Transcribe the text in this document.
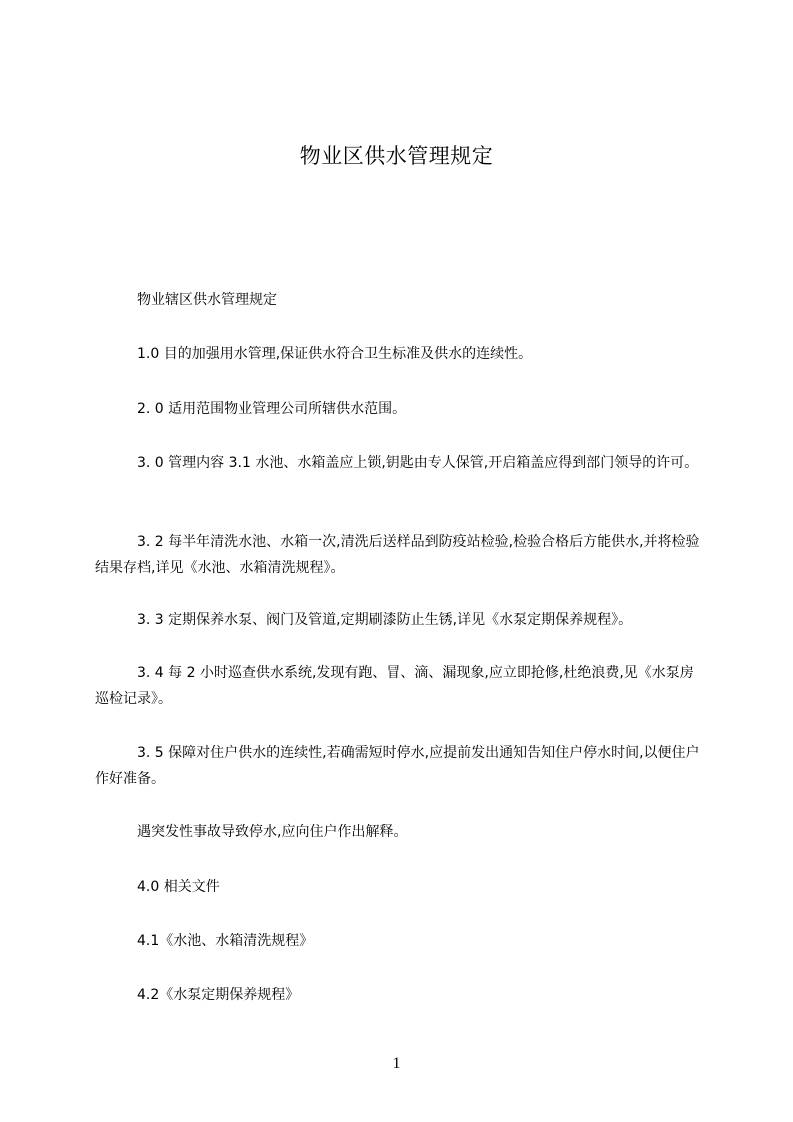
物业区供水管理规定

物业辖区供水管理规定

1.0 目的加强用水管理,保证供水符合卫生标准及供水的连续性。

2. 0 适用范围物业管理公司所辖供水范围。

3. 0 管理内容 3.1 水池、水箱盖应上锁,钥匙由专人保管,开启箱盖应得到部门领导的许可。

3. 2 每半年清洗水池、水箱一次,清洗后送样品到防疫站检验,检验合格后方能供水,并将检验结果存档,详见《水池、水箱清洗规程》。

3. 3 定期保养水泵、阀门及管道,定期刷漆防止生锈,详见《水泵定期保养规程》。

3. 4 每 2 小时巡查供水系统,发现有跑、冒、滴、漏现象,应立即抢修,杜绝浪费,见《水泵房巡检记录》。

3. 5 保障对住户供水的连续性,若确需短时停水,应提前发出通知告知住户停水时间,以便住户作好准备。

遇突发性事故导致停水,应向住户作出解释。

4.0 相关文件

4.1《水池、水箱清洗规程》

4.2《水泵定期保养规程》

1
